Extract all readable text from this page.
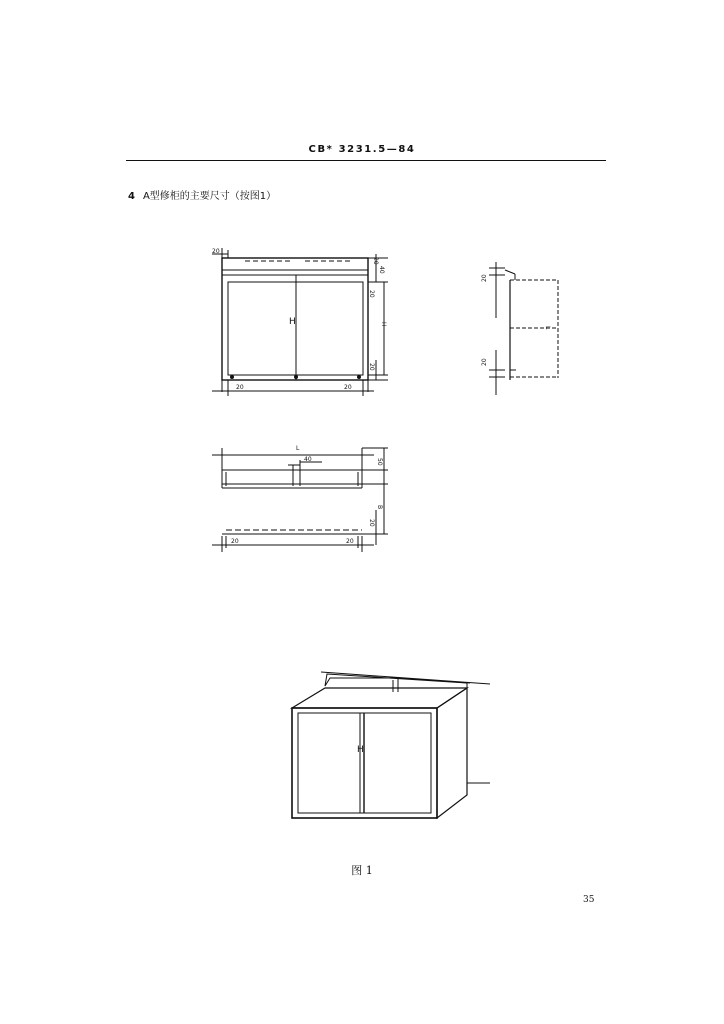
CB* 3231.5—84
4 A型修柜的主要尺寸（按图1）
20
20
40
20
H
20
20	20
H
20
20
L
L
40	50
B
20
20	20
H
图 1
35
